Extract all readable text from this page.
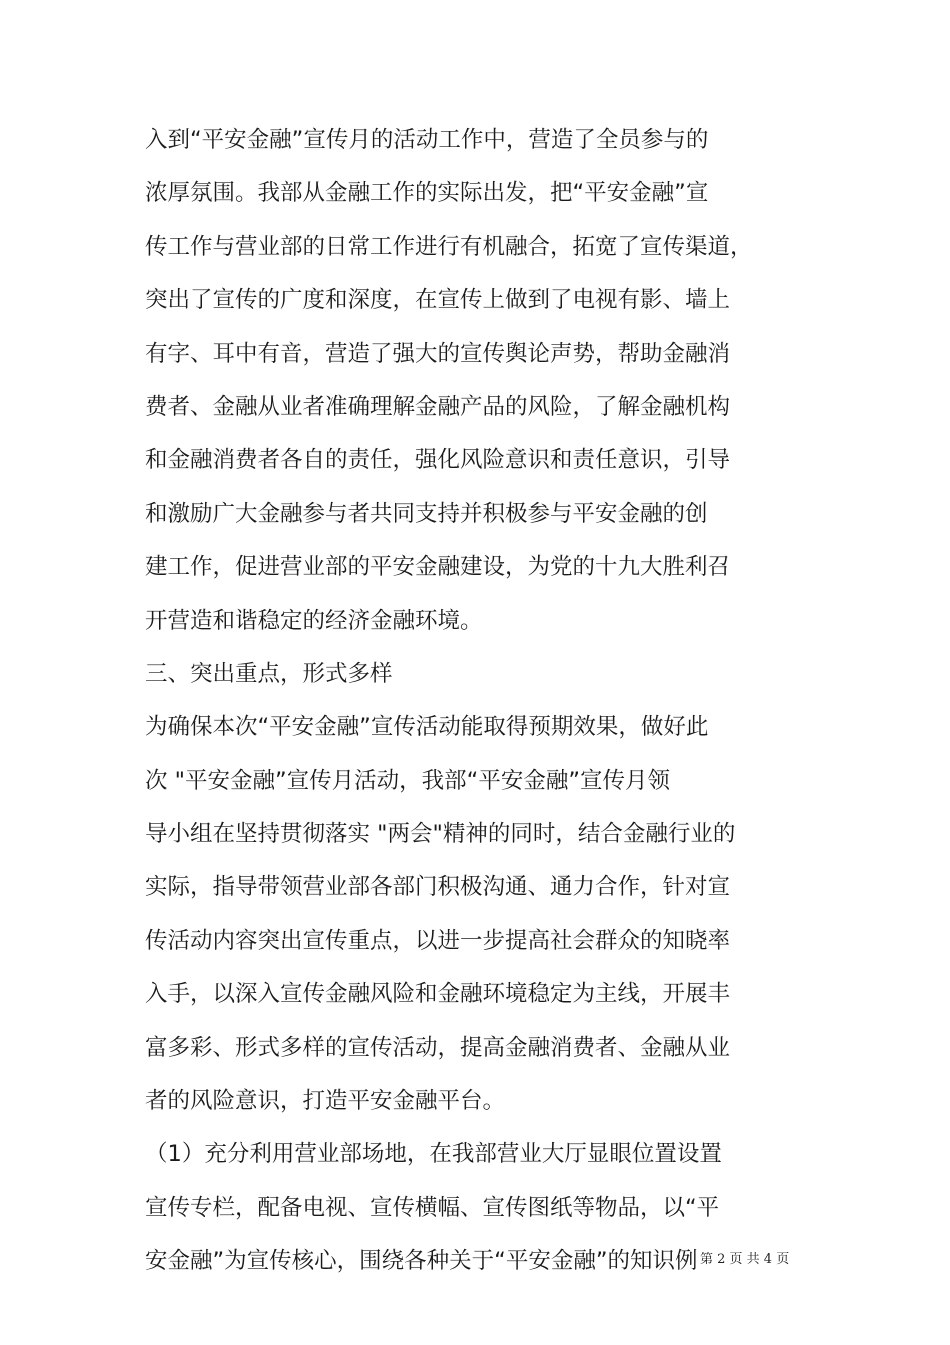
入到“平安金融”宣传月的活动工作中，营造了全员参与的
浓厚氛围。我部从金融工作的实际出发，把“平安金融”宣
传工作与营业部的日常工作进行有机融合，拓宽了宣传渠道，
突出了宣传的广度和深度，在宣传上做到了电视有影、墙上
有字、耳中有音，营造了强大的宣传舆论声势，帮助金融消
费者、金融从业者准确理解金融产品的风险，了解金融机构
和金融消费者各自的责任，强化风险意识和责任意识，引导
和激励广大金融参与者共同支持并积极参与平安金融的创
建工作，促进营业部的平安金融建设，为党的十九大胜利召
开营造和谐稳定的经济金融环境。
三、突出重点，形式多样
为确保本次“平安金融”宣传活动能取得预期效果，做好此
次 "平安金融”宣传月活动，我部“平安金融”宣传月领
导小组在坚持贯彻落实 "两会"精神的同时，结合金融行业的
实际，指导带领营业部各部门积极沟通、通力合作，针对宣
传活动内容突出宣传重点，以进一步提高社会群众的知晓率
入手，以深入宣传金融风险和金融环境稳定为主线，开展丰
富多彩、形式多样的宣传活动，提高金融消费者、金融从业
者的风险意识，打造平安金融平台。
（1）充分利用营业部场地，在我部营业大厅显眼位置设置
宣传专栏，配备电视、宣传横幅、宣传图纸等物品，以“平
安金融”为宣传核心，围绕各种关于“平安金融”的知识例 第 2 页 共 4 页
